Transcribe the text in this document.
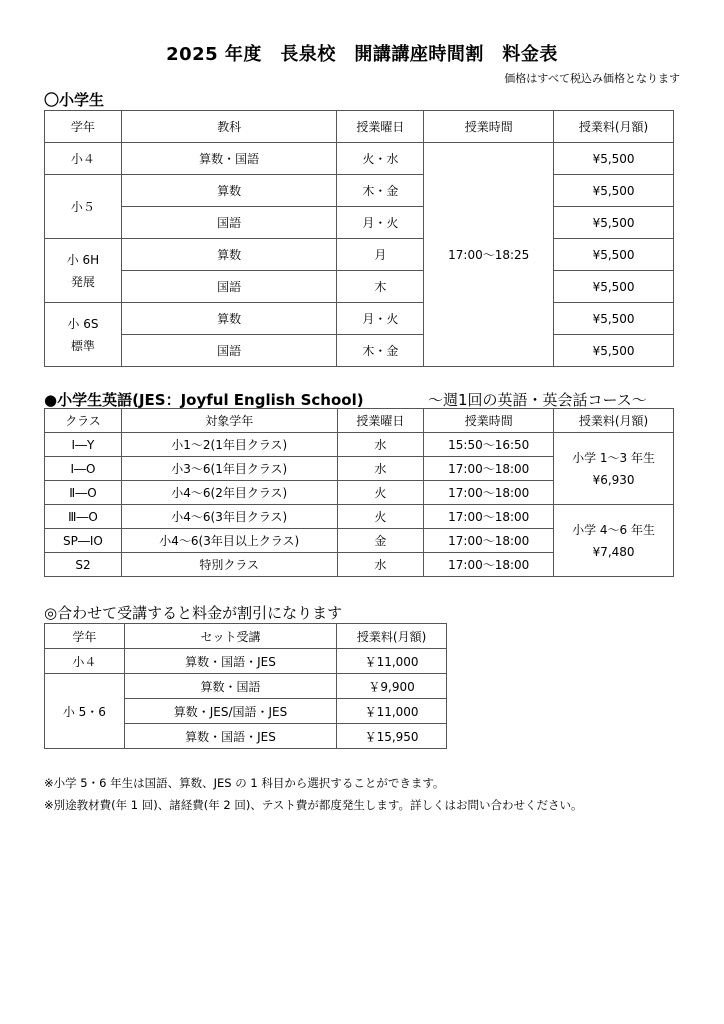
2025 年度　長泉校　開講講座時間割　料金表
価格はすべて税込み価格となります
〇小学生
学年	教科	授業曜日	授業時間	授業料(月額)
小４	算数・国語	火・水	17:00～18:25	¥5,500
小５	算数	木・金		¥5,500
	国語	月・火		¥5,500

小 6H
発展	算数	月		¥5,500
	国語	木		¥5,500

小 6S
標準	算数	月・火		¥5,500
	国語	木・金		¥5,500
●小学生英語(JES：Joyful English School)	～週1回の英語・英会話コース～
クラス	対象学年	授業曜日	授業時間	授業料(月額)
Ⅰ―Y	小1～2(1年目クラス)	水	15:50～16:50	小学 1～3 年生
¥6,930

Ⅰ―O	小3～6(1年目クラス)	水	17:00～18:00	
Ⅱ―O	小4～6(2年目クラス)	火	17:00～18:00	
Ⅲ―O	小4～6(3年目クラス)	火	17:00～18:00	小学 4～6 年生
¥7,480

SP―ⅠO	小4～6(3年目以上クラス)	金	17:00～18:00	
S2	特別クラス	水	17:00～18:00	
◎合わせて受講すると料金が割引になります
学年	セット受講	授業料(月額)
小４	算数・国語・JES	￥11,000
小 5・6	算数・国語	￥9,900
	算数・JES/国語・JES	￥11,000
	算数・国語・JES	￥15,950
※小学 5・6 年生は国語、算数、JES の 1 科目から選択することができます。
※別途教材費(年 1 回)、諸経費(年 2 回)、テスト費が都度発生します。詳しくはお問い合わせください。
